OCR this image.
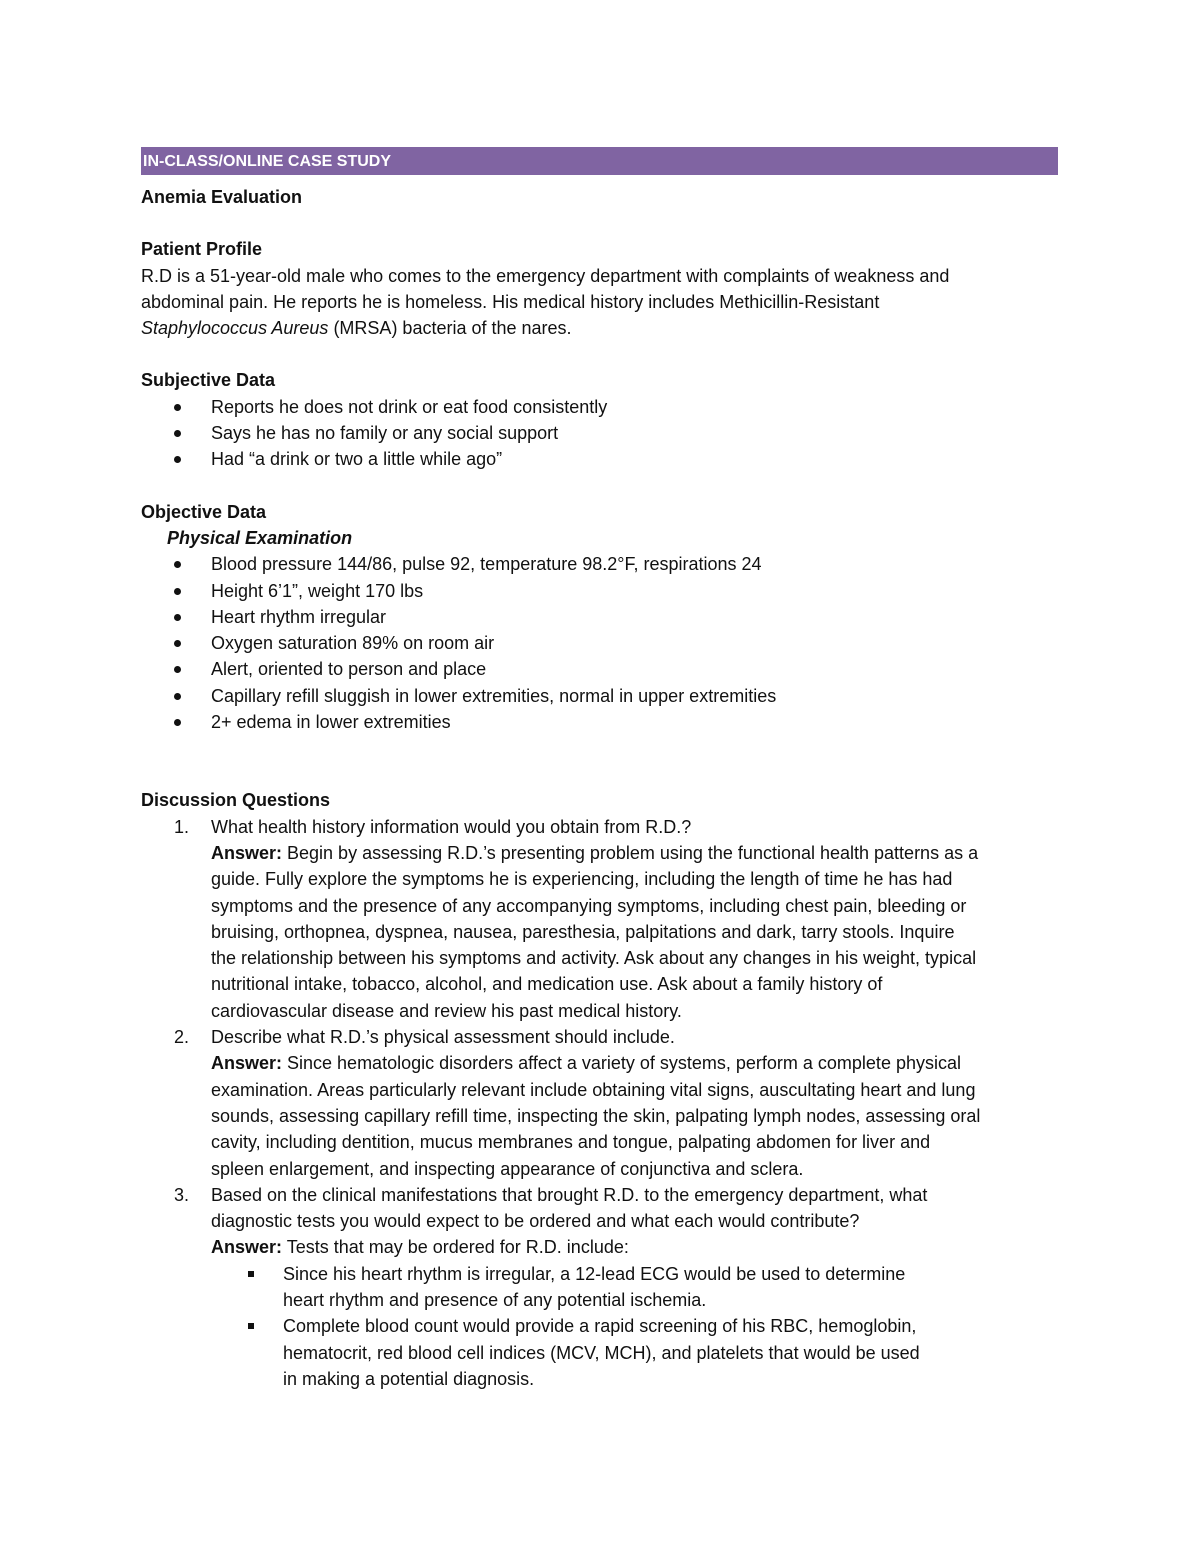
IN-CLASS/ONLINE CASE STUDY

Anemia Evaluation

Patient Profile

R.D is a 51-year-old male who comes to the emergency department with complaints of weakness and

abdominal pain. He reports he is homeless. His medical history includes Methicillin-Resistant

Staphylococcus Aureus (MRSA) bacteria of the nares.

Subjective Data

Reports he does not drink or eat food consistently
Says he has no family or any social support
Had “a drink or two a little while ago”

Objective Data

Physical Examination

Blood pressure 144/86, pulse 92, temperature 98.2°F, respirations 24
Height 6’1”, weight 170 lbs
Heart rhythm irregular
Oxygen saturation 89% on room air
Alert, oriented to person and place
Capillary refill sluggish in lower extremities, normal in upper extremities
2+ edema in lower extremities

Discussion Questions

1. What health history information would you obtain from R.D.?

Answer: Begin by assessing R.D.’s presenting problem using the functional health patterns as a

guide. Fully explore the symptoms he is experiencing, including the length of time he has had

symptoms and the presence of any accompanying symptoms, including chest pain, bleeding or

bruising, orthopnea, dyspnea, nausea, paresthesia, palpitations and dark, tarry stools. Inquire

the relationship between his symptoms and activity. Ask about any changes in his weight, typical

nutritional intake, tobacco, alcohol, and medication use. Ask about a family history of

cardiovascular disease and review his past medical history.

2. Describe what R.D.’s physical assessment should include.

Answer: Since hematologic disorders affect a variety of systems, perform a complete physical

examination. Areas particularly relevant include obtaining vital signs, auscultating heart and lung

sounds, assessing capillary refill time, inspecting the skin, palpating lymph nodes, assessing oral

cavity, including dentition, mucus membranes and tongue, palpating abdomen for liver and

spleen enlargement, and inspecting appearance of conjunctiva and sclera.

3. Based on the clinical manifestations that brought R.D. to the emergency department, what

diagnostic tests you would expect to be ordered and what each would contribute?

Answer: Tests that may be ordered for R.D. include:

Since his heart rhythm is irregular, a 12-lead ECG would be used to determine

heart rhythm and presence of any potential ischemia.

Complete blood count would provide a rapid screening of his RBC, hemoglobin,

hematocrit, red blood cell indices (MCV, MCH), and platelets that would be used

in making a potential diagnosis.
